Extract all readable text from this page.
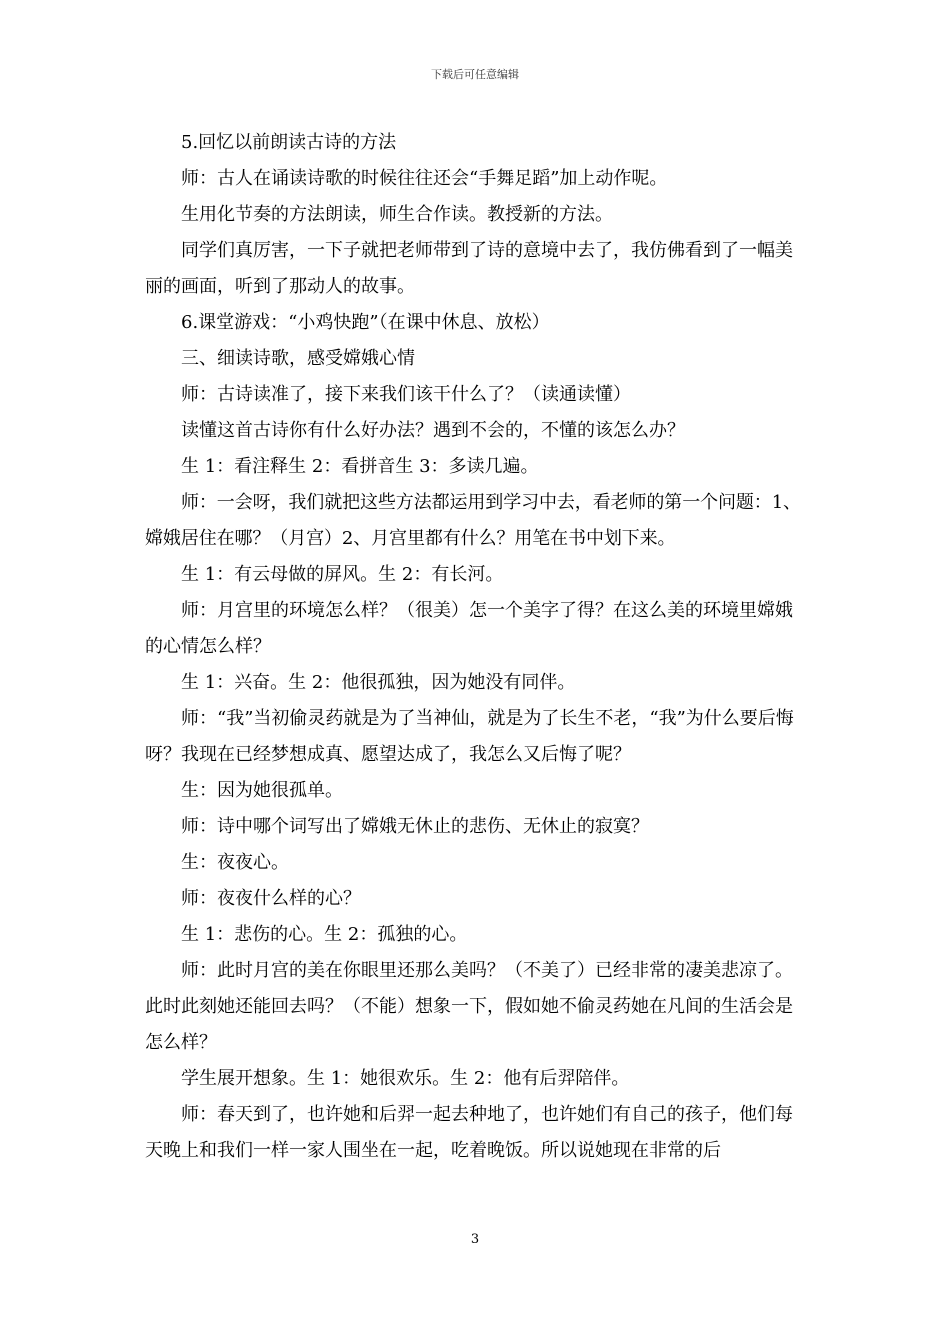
下载后可任意编辑

5.回忆以前朗读古诗的方法

师：古人在诵读诗歌的时候往往还会“手舞足蹈”加上动作呢。

生用化节奏的方法朗读，师生合作读。教授新的方法。

同学们真厉害，一下子就把老师带到了诗的意境中去了，我仿佛看到了一幅美丽的画面，听到了那动人的故事。

6.课堂游戏：“小鸡快跑”（在课中休息、放松）

三、细读诗歌，感受嫦娥心情

师：古诗读准了，接下来我们该干什么了？（读通读懂）

读懂这首古诗你有什么好办法？遇到不会的，不懂的该怎么办？

生 1：看注释生 2：看拼音生 3：多读几遍。

师：一会呀，我们就把这些方法都运用到学习中去，看老师的第一个问题：1、嫦娥居住在哪？（月宫）2、月宫里都有什么？用笔在书中划下来。

生 1：有云母做的屏风。生 2：有长河。

师：月宫里的环境怎么样？（很美）怎一个美字了得？在这么美的环境里嫦娥的心情怎么样？

生 1：兴奋。生 2：他很孤独，因为她没有同伴。

师：“我”当初偷灵药就是为了当神仙，就是为了长生不老，“我”为什么要后悔呀？我现在已经梦想成真、愿望达成了，我怎么又后悔了呢？

生：因为她很孤单。

师：诗中哪个词写出了嫦娥无休止的悲伤、无休止的寂寞？

生：夜夜心。

师：夜夜什么样的心？

生 1：悲伤的心。生 2：孤独的心。

师：此时月宫的美在你眼里还那么美吗？（不美了）已经非常的凄美悲凉了。此时此刻她还能回去吗？（不能）想象一下，假如她不偷灵药她在凡间的生活会是怎么样？

学生展开想象。生 1：她很欢乐。生 2：他有后羿陪伴。

师：春天到了，也许她和后羿一起去种地了，也许她们有自己的孩子，他们每天晚上和我们一样一家人围坐在一起，吃着晚饭。所以说她现在非常的后

3
